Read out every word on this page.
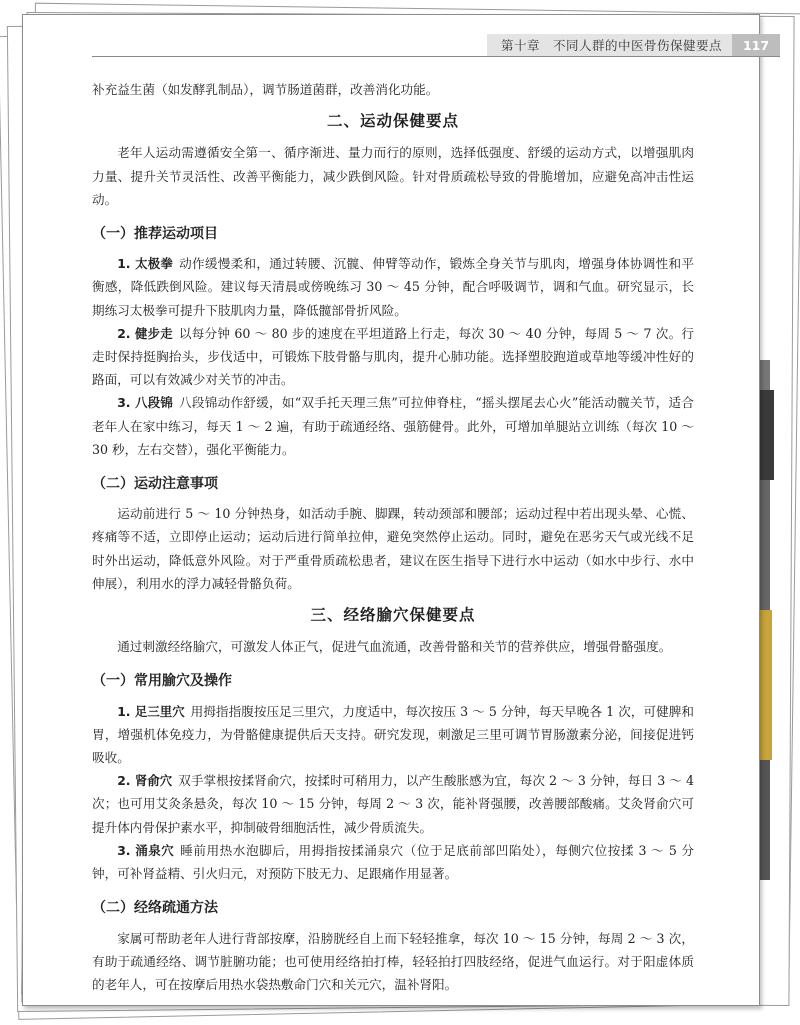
第十章　不同人群的中医骨伤保健要点	117

补充益生菌（如发酵乳制品），调节肠道菌群，改善消化功能。

二、运动保健要点

老年人运动需遵循安全第一、循序渐进、量力而行的原则，选择低强度、舒缓的运动方式，以增强肌肉力量、提升关节灵活性、改善平衡能力，减少跌倒风险。针对骨质疏松导致的骨脆增加，应避免高冲击性运动。

（一）推荐运动项目

1. 太极拳 动作缓慢柔和，通过转腰、沉髋、伸臂等动作，锻炼全身关节与肌肉，增强身体协调性和平衡感，降低跌倒风险。建议每天清晨或傍晚练习 30 ～ 45 分钟，配合呼吸调节，调和气血。研究显示，长期练习太极拳可提升下肢肌肉力量，降低髋部骨折风险。

2. 健步走 以每分钟 60 ～ 80 步的速度在平坦道路上行走，每次 30 ～ 40 分钟，每周 5 ～ 7 次。行走时保持挺胸抬头，步伐适中，可锻炼下肢骨骼与肌肉，提升心肺功能。选择塑胶跑道或草地等缓冲性好的路面，可以有效减少对关节的冲击。

3. 八段锦 八段锦动作舒缓，如“双手托天理三焦”可拉伸脊柱，“摇头摆尾去心火”能活动髋关节，适合老年人在家中练习，每天 1 ～ 2 遍，有助于疏通经络、强筋健骨。此外，可增加单腿站立训练（每次 10 ～ 30 秒，左右交替），强化平衡能力。

（二）运动注意事项

运动前进行 5 ～ 10 分钟热身，如活动手腕、脚踝，转动颈部和腰部；运动过程中若出现头晕、心慌、疼痛等不适，立即停止运动；运动后进行简单拉伸，避免突然停止运动。同时，避免在恶劣天气或光线不足时外出运动，降低意外风险。对于严重骨质疏松患者，建议在医生指导下进行水中运动（如水中步行、水中伸展），利用水的浮力减轻骨骼负荷。

三、经络腧穴保健要点

通过刺激经络腧穴，可激发人体正气，促进气血流通，改善骨骼和关节的营养供应，增强骨骼强度。

（一）常用腧穴及操作

1. 足三里穴 用拇指指腹按压足三里穴，力度适中，每次按压 3 ～ 5 分钟，每天早晚各 1 次，可健脾和胃，增强机体免疫力，为骨骼健康提供后天支持。研究发现，刺激足三里可调节胃肠激素分泌，间接促进钙吸收。

2. 肾俞穴 双手掌根按揉肾俞穴，按揉时可稍用力，以产生酸胀感为宜，每次 2 ～ 3 分钟，每日 3 ～ 4 次；也可用艾灸条悬灸，每次 10 ～ 15 分钟，每周 2 ～ 3 次，能补肾强腰，改善腰部酸痛。艾灸肾俞穴可提升体内骨保护素水平，抑制破骨细胞活性，减少骨质流失。

3. 涌泉穴 睡前用热水泡脚后，用拇指按揉涌泉穴（位于足底前部凹陷处），每侧穴位按揉 3 ～ 5 分钟，可补肾益精、引火归元，对预防下肢无力、足跟痛作用显著。

（二）经络疏通方法

家属可帮助老年人进行背部按摩，沿膀胱经自上而下轻轻推拿，每次 10 ～ 15 分钟，每周 2 ～ 3 次，有助于疏通经络、调节脏腑功能；也可使用经络拍打棒，轻轻拍打四肢经络，促进气血运行。对于阳虚体质的老年人，可在按摩后用热水袋热敷命门穴和关元穴，温补肾阳。
